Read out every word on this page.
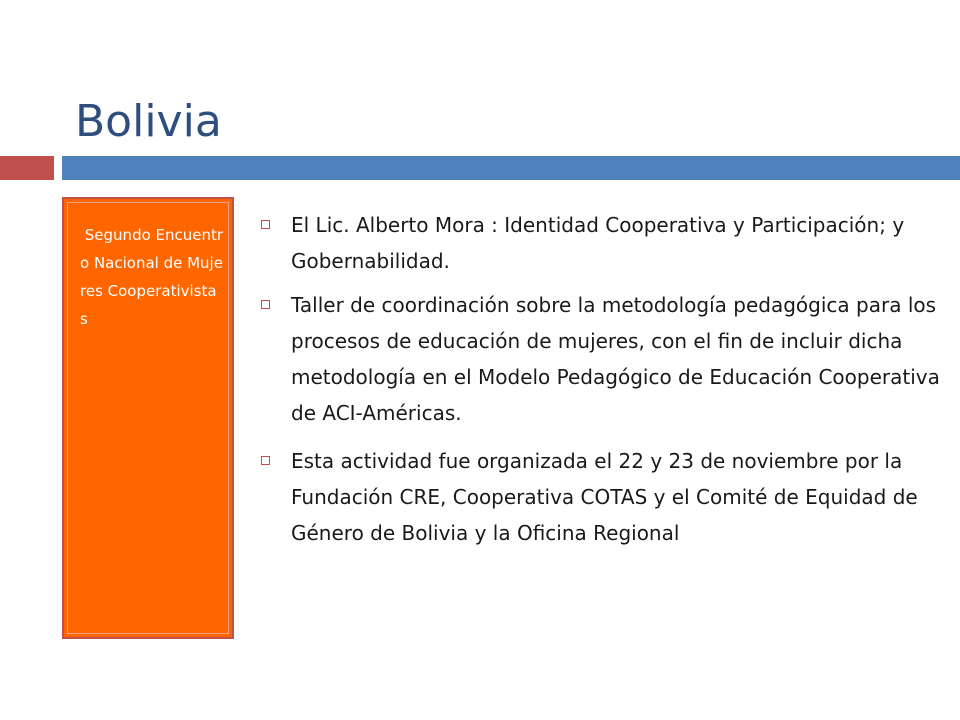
Bolivia

Segundo Encuentro Nacional de Mujeres Cooperativistas

El Lic. Alberto Mora : Identidad Cooperativa y Participación; y Gobernabilidad.
Taller de coordinación sobre la metodología pedagógica para los procesos de educación de mujeres, con el fin de incluir dicha metodología en el Modelo Pedagógico de Educación Cooperativa de ACI-Américas.
Esta actividad fue organizada el 22 y 23 de noviembre por la Fundación CRE, Cooperativa COTAS y el Comité de Equidad de Género de Bolivia y la Oficina Regional
